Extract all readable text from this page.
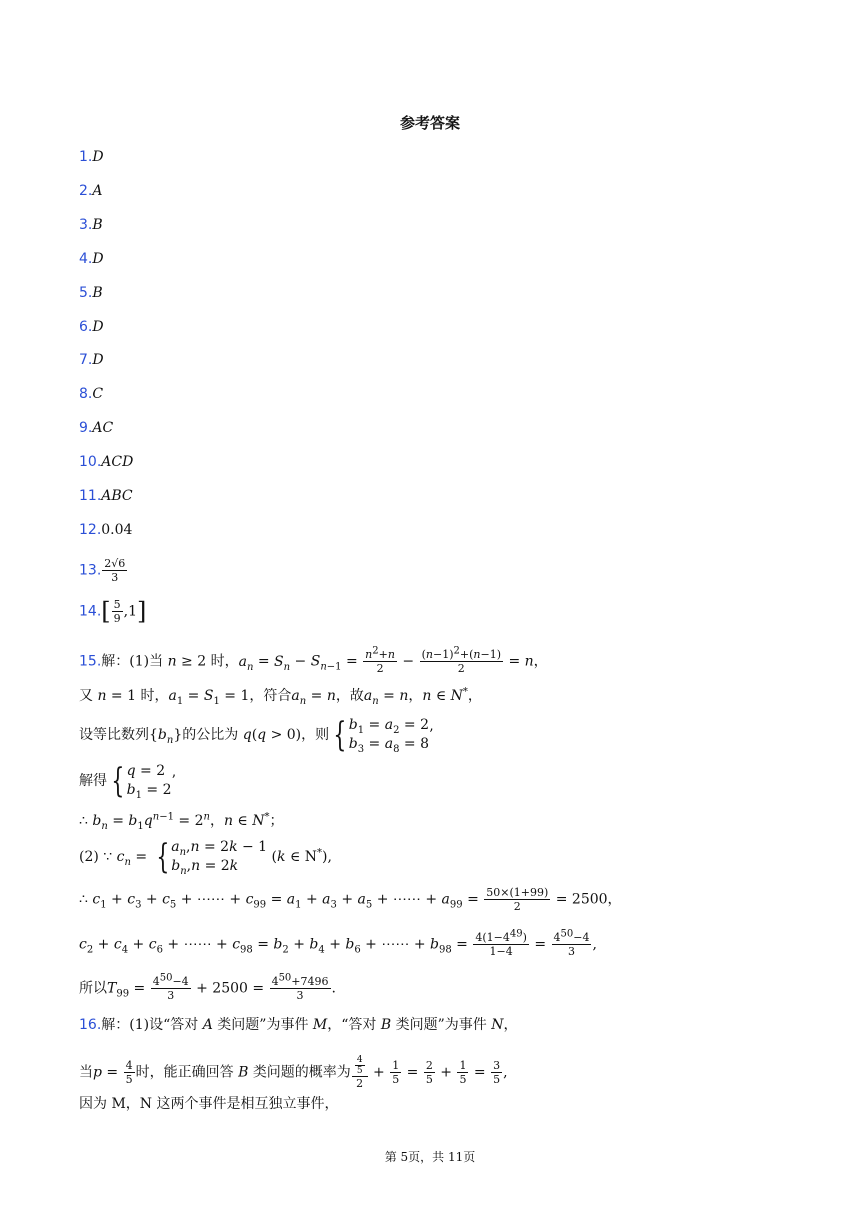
参考答案
1.D
2.A
3.B
4.D
5.B
6.D
7.D
8.C
9.AC
10.ACD
11.ABC
12.0.04
13. $\frac{2√6}{3}$
$14.[ \frac{5}{9} ,1]$
15.解：(1)当 n ≥ 2 时，$a_n = S_n - S_{n-1} = \frac{n^2+n}{2} - \frac{(n-1)^2+(n-1)}{2} = n$，
又 n = 1 时，$a_1 = S_1 = 1$，符合$a_n = n$，故$a_n = n$，n ∈ N*，
设等比数列$\{b_n\}$的公比为 q(q > 0)，则 { $b_1 = a_2 = 2$
$b_3 = a_8 = 8$
’
解得 { q = 2
$b_1 = 2$
’
∴ $b_n = b_1q^{n-1} = 2^n$，n ∈ N*；
(2) ∵ $c_n$ = { $a_n,n = 2k - 1$
$b_n,n = 2k$
(k ∈ N*),
∴ $c_1 + c_3 + c_5$ + ⋯⋯ + $c_{99} = a_1 + a_3 + a_5$ + ⋯⋯ + $a_{99} = \frac{50\times(1+99)}{2} = 2500$，
$c_2 + c_4 + c_6$ + ⋯⋯ + $c_{98} = b_2 + b_4 + b_6$ + ⋯⋯ + $b_{98} = \frac{4(1-4^{49})}{1-4} = \frac{4^{50}-4}{3}$ ,
所以$T_{99} = \frac{4^{50}-4}{3} + 2500 = \frac{4^{50}+7496}{3}$ .
16.解：(1)设“答对 A 类问题”为事件 M，“答对 B 类问题”为事件 N，
当$p = \frac{4}{5}$ 时，能正确回答 B 类问题的概率为 $\frac{\frac{4}{5}}{2} + \frac{1}{5} = \frac{2}{5} + \frac{1}{5} = \frac{3}{5}$ ,
因为 M，N 这两个事件是相互独立事件，
第 5页，共 11页
